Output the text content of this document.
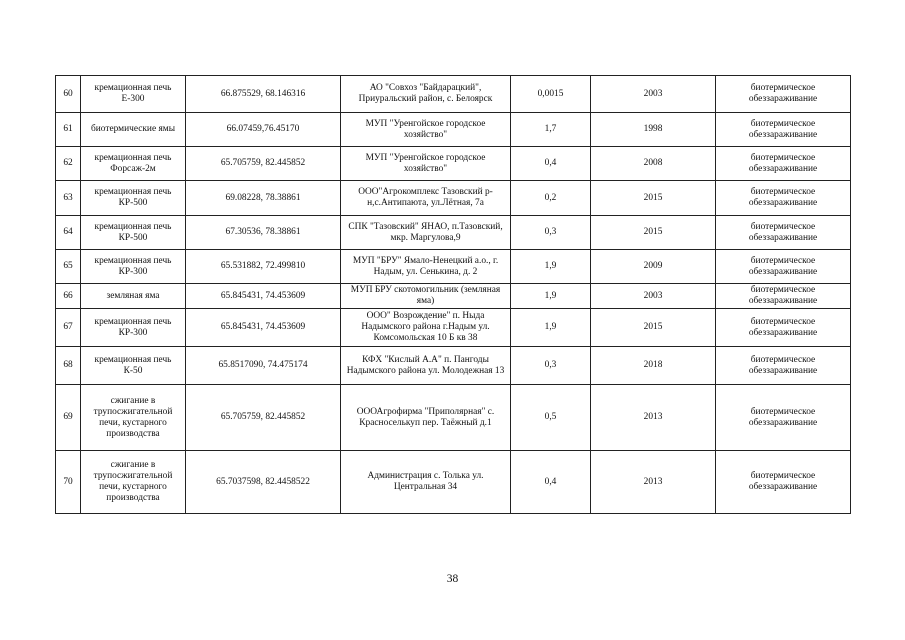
60	кремационная печь Е-300	66.875529, 68.146316	АО "Совхоз "Байдарацкий", Приуральский район, с. Белоярск	0,0015	2003	биотермическое обеззараживание
61	биотермические ямы	66.07459,76.45170	МУП "Уренгойское городское хозяйство"	1,7	1998	биотермическое обеззараживание
62	кремационная печь Форсаж-2м	65.705759, 82.445852	МУП "Уренгойское городское хозяйство"	0,4	2008	биотермическое обеззараживание
63	кремационная печь КР-500	69.08228, 78.38861	ООО"Агрокомплекс Тазовский р-н,с.Антипаюта, ул.Лётная, 7а	0,2	2015	биотермическое обеззараживание
64	кремационная печь КР-500	67.30536, 78.38861	СПК "Тазовский" ЯНАО, п.Тазовский, мкр. Маргулова,9	0,3	2015	биотермическое обеззараживание
65	кремационная печь КР-300	65.531882, 72.499810	МУП "БРУ" Ямало-Ненецкий а.о., г. Надым, ул. Сенькина, д. 2	1,9	2009	биотермическое обеззараживание
66	земляная яма	65.845431, 74.453609	МУП БРУ скотомогильник (земляная яма)	1,9	2003	биотермическое обеззараживание
67	кремационная печь КР-300	65.845431, 74.453609	ООО" Возрождение" п. Ныда Надымского района г.Надым ул. Комсомольская 10 Б кв 38	1,9	2015	биотермическое обеззараживание
68	кремационная печь К-50	65.8517090, 74.475174	КФХ "Кислый А.А" п. Пангоды Надымского района ул. Молодежная 13	0,3	2018	биотермическое обеззараживание
69	сжигание в трупосжигательной печи, кустарного производства	65.705759, 82.445852	ОООАгрофирма "Приполярная" с. Красноселькуп пер. Таёжный д.1	0,5	2013	биотермическое обеззараживание
70	сжигание в трупосжигательной печи, кустарного производства	65.7037598, 82.4458522	Администрация с. Толька ул. Центральная 34	0,4	2013	биотермическое обеззараживание
38
